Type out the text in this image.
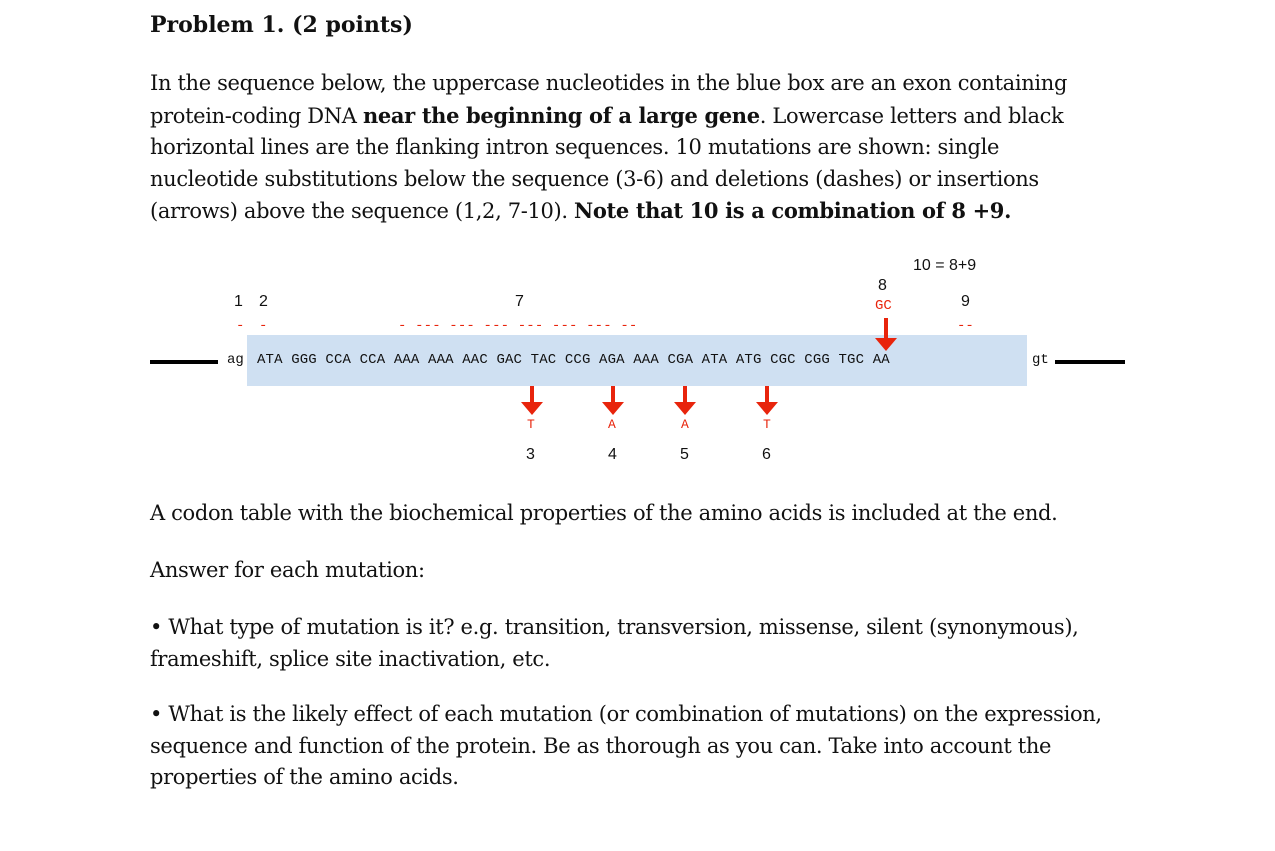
Problem 1. (2 points)
In the sequence below, the uppercase nucleotides in the blue box are an exon containing protein-coding DNA near the beginning of a large gene. Lowercase letters and black horizontal lines are the flanking intron sequences. 10 mutations are shown: single nucleotide substitutions below the sequence (3-6) and deletions (dashes) or insertions (arrows) above the sequence (1,2, 7-10). Note that 10 is a combination of 8 +9.
10 = 8+9
8
GC
1 2	7	9
- -	- --- --- --- --- --- --- --	--
ag ATA GGG CCA CCA AAA AAA AAC GAC TAC CCG AGA AAA CGA ATA ATG CGC CGG TGC AA	gt
T	A	A	T
3	4	5	6
A codon table with the biochemical properties of the amino acids is included at the end.
Answer for each mutation:
• What type of mutation is it? e.g. transition, transversion, missense, silent (synonymous), frameshift, splice site inactivation, etc.
• What is the likely effect of each mutation (or combination of mutations) on the expression, sequence and function of the protein. Be as thorough as you can. Take into account the properties of the amino acids.
